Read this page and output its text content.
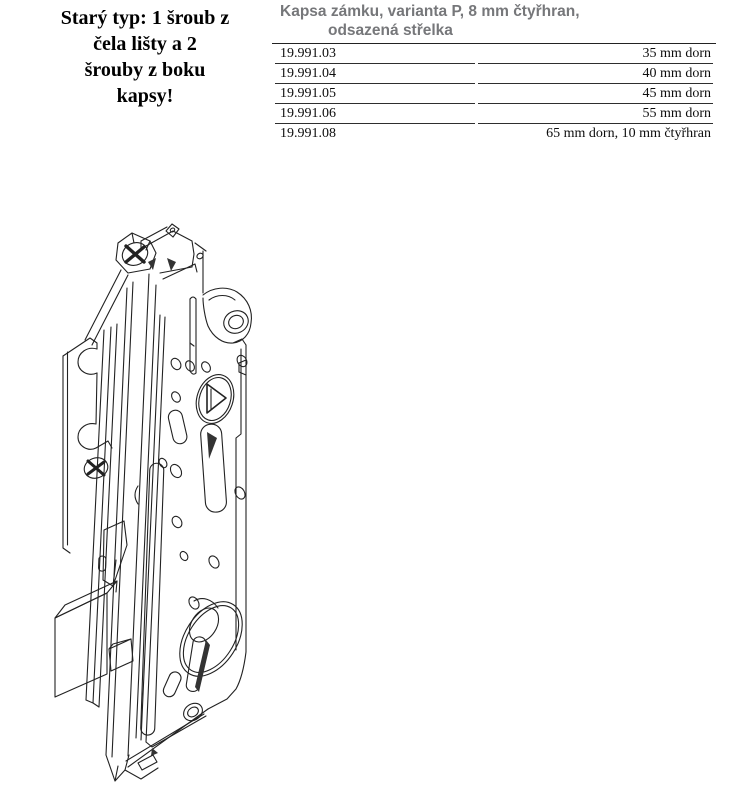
Starý typ: 1 šroub z
čela lišty a 2
šrouby z boku
kapsy!
Kapsa zámku, varianta P, 8 mm čtyřhran,
odsazená střelka
19.991.03	35 mm dorn
19.991.04	40 mm dorn
19.991.05	45 mm dorn
19.991.06	55 mm dorn
19.991.08	65 mm dorn, 10 mm čtyřhran
